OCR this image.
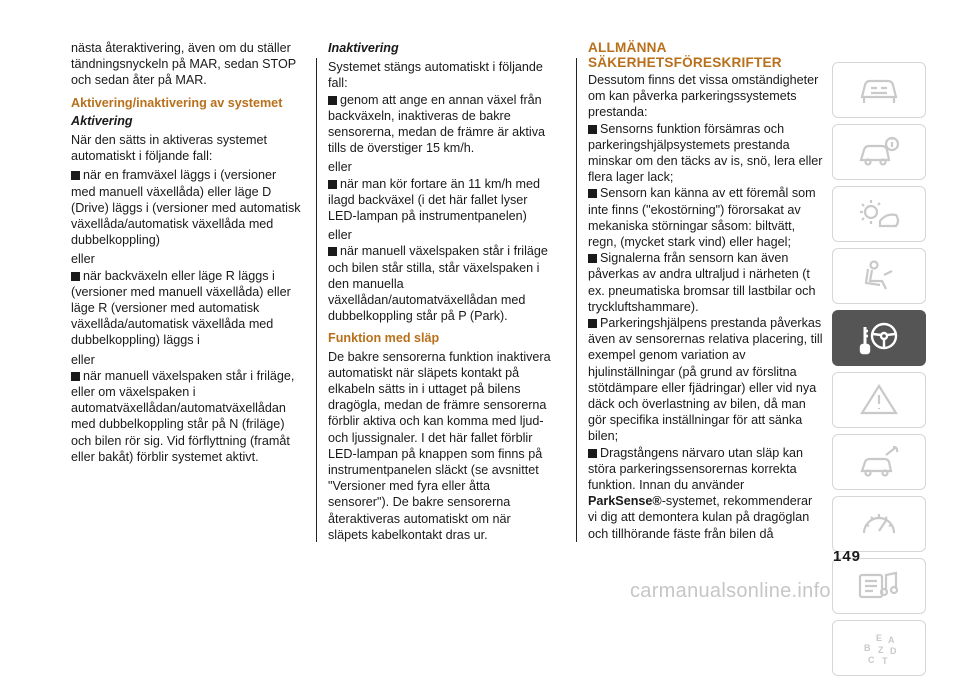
nästa återaktivering, även om du ställer tändningsnyckeln på MAR, sedan STOP och sedan åter på MAR.

Aktivering/inaktivering av systemet

Aktivering

När den sätts in aktiveras systemet automatiskt i följande fall:

när en framväxel läggs i (versioner med manuell växellåda) eller läge D (Drive) läggs i (versioner med automatisk växellåda/automatisk växellåda med dubbelkoppling)

eller

när backväxeln eller läge R läggs i (versioner med manuell växellåda) eller läge R (versioner med automatisk växellåda/automatisk växellåda med dubbelkoppling) läggs i

eller

när manuell växelspaken står i friläge, eller om växelspaken i automatväxellådan/automatväxellådan med dubbelkoppling står på N (friläge) och bilen rör sig. Vid förflyttning (framåt eller bakåt) förblir systemet aktivt.

Inaktivering

Systemet stängs automatiskt i följande fall:

genom att ange en annan växel från backväxeln, inaktiveras de bakre sensorerna, medan de främre är aktiva tills de överstiger 15 km/h.

eller

när man kör fortare än 11 km/h med ilagd backväxel (i det här fallet lyser LED-lampan på instrumentpanelen)

eller

när manuell växelspaken står i friläge och bilen står stilla, står växelspaken i den manuella växellådan/automatväxellådan med dubbelkoppling står på P (Park).

Funktion med släp

De bakre sensorerna funktion inaktivera automatiskt när släpets kontakt på elkabeln sätts in i uttaget på bilens dragögla, medan de främre sensorerna förblir aktiva och kan komma med ljud- och ljussignaler. I det här fallet förblir LED-lampan på knappen som finns på instrumentpanelen släckt (se avsnittet "Versioner med fyra eller åtta sensorer"). De bakre sensorerna återaktiveras automatiskt om när släpets kabelkontakt dras ur.

ALLMÄNNA SÄKERHETSFÖRESKRIFTER

Dessutom finns det vissa omständigheter om kan påverka parkeringssystemets prestanda:

Sensorns funktion försämras och parkeringshjälpsystemets prestanda minskar om den täcks av is, snö, lera eller flera lager lack;

Sensorn kan känna av ett föremål som inte finns ("ekostörning") förorsakat av mekaniska störningar såsom: biltvätt, regn, (mycket stark vind) eller hagel;

Signalerna från sensorn kan även påverkas av andra ultraljud i närheten (t ex. pneumatiska bromsar till lastbilar och tryckluftshammare).

Parkeringshjälpens prestanda påverkas även av sensorernas relativa placering, till exempel genom variation av hjulinställningar (på grund av förslitna stötdämpare eller fjädringar) eller vid nya däck och överlastning av bilen, då man gör specifika inställningar för att sänka bilen;

Dragstångens närvaro utan släp kan störa parkeringssensorernas korrekta funktion. Innan du använder
ParkSense®-systemet, rekommenderar vi dig att demontera kulan på dragöglan och tillhörande fäste från bilen då

E A
B Z D
C T
149
carmanualsonline.info
